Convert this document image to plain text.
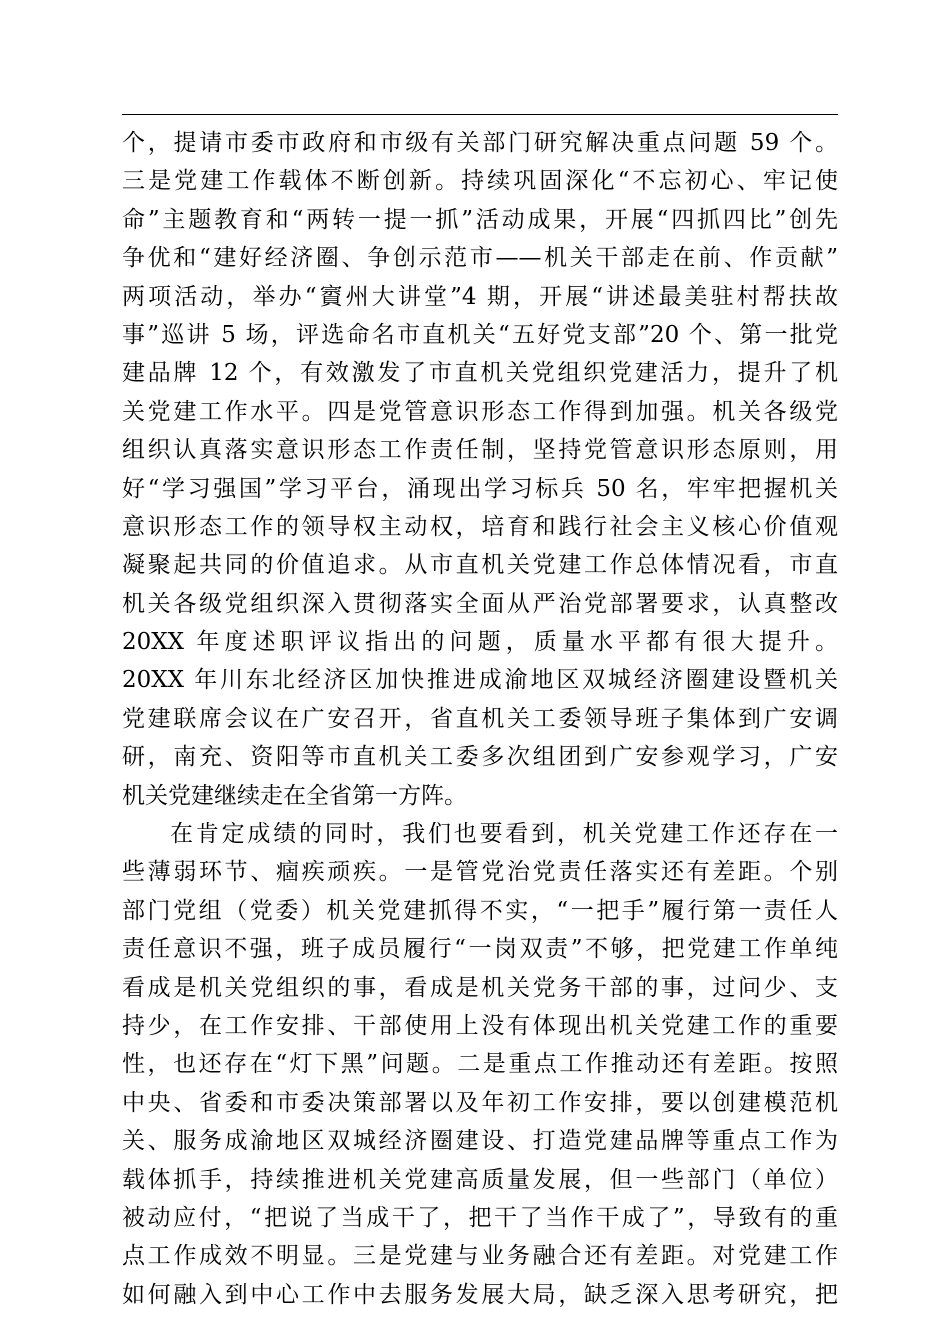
个，提请市委市政府和市级有关部门研究解决重点问题 59 个。
三是党建工作载体不断创新。持续巩固深化“不忘初心、牢记使
命”主题教育和“两转一提一抓”活动成果，开展“四抓四比”创先
争优和“建好经济圈、争创示范市——机关干部走在前、作贡献”
两项活动，举办“賨州大讲堂”4 期，开展“讲述最美驻村帮扶故
事”巡讲 5 场，评选命名市直机关“五好党支部”20 个、第一批党
建品牌 12 个，有效激发了市直机关党组织党建活力，提升了机
关党建工作水平。四是党管意识形态工作得到加强。机关各级党
组织认真落实意识形态工作责任制，坚持党管意识形态原则，用
好“学习强国”学习平台，涌现出学习标兵 50 名，牢牢把握机关
意识形态工作的领导权主动权，培育和践行社会主义核心价值观
凝聚起共同的价值追求。从市直机关党建工作总体情况看，市直
机关各级党组织深入贯彻落实全面从严治党部署要求，认真整改
20XX 年度述职评议指出的问题，质量水平都有很大提升。
20XX 年川东北经济区加快推进成渝地区双城经济圈建设暨机关
党建联席会议在广安召开，省直机关工委领导班子集体到广安调
研，南充、资阳等市直机关工委多次组团到广安参观学习，广安
机关党建继续走在全省第一方阵。
在肯定成绩的同时，我们也要看到，机关党建工作还存在一
些薄弱环节、痼疾顽疾。一是管党治党责任落实还有差距。个别
部门党组（党委）机关党建抓得不实，“一把手”履行第一责任人
责任意识不强，班子成员履行“一岗双责”不够，把党建工作单纯
看成是机关党组织的事，看成是机关党务干部的事，过问少、支
持少，在工作安排、干部使用上没有体现出机关党建工作的重要
性，也还存在“灯下黑”问题。二是重点工作推动还有差距。按照
中央、省委和市委决策部署以及年初工作安排，要以创建模范机
关、服务成渝地区双城经济圈建设、打造党建品牌等重点工作为
载体抓手，持续推进机关党建高质量发展，但一些部门（单位）
被动应付，“把说了当成干了，把干了当作干成了”，导致有的重
点工作成效不明显。三是党建与业务融合还有差距。对党建工作
如何融入到中心工作中去服务发展大局，缺乏深入思考研究，把
